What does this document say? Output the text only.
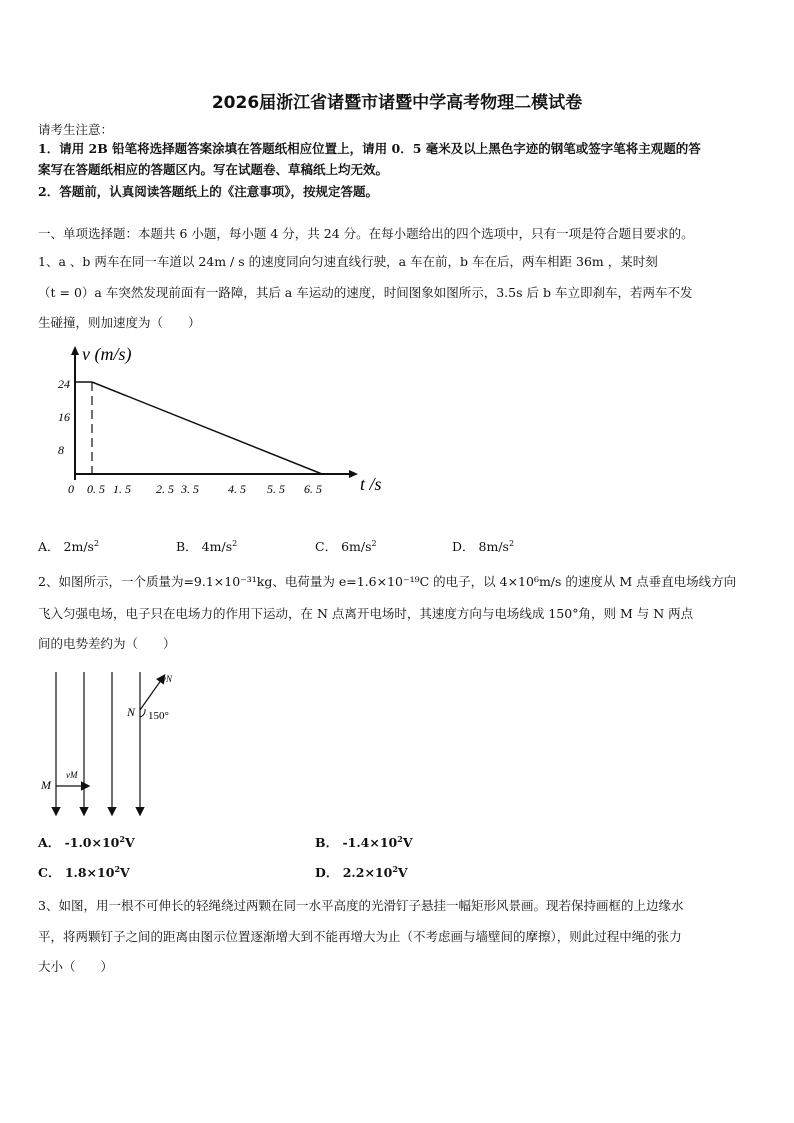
2026届浙江省诸暨市诸暨中学高考物理二模试卷
请考生注意：
1．请用 2B 铅笔将选择题答案涂填在答题纸相应位置上，请用 0．5 毫米及以上黑色字迹的钢笔或签字笔将主观题的答
案写在答题纸相应的答题区内。写在试题卷、草稿纸上均无效。
2．答题前，认真阅读答题纸上的《注意事项》，按规定答题。
一、单项选择题：本题共 6 小题，每小题 4 分，共 24 分。在每小题给出的四个选项中，只有一项是符合题目要求的。
1、a 、b 两车在同一车道以 24m / s 的速度同向匀速直线行驶，a 车在前，b 车在后，两车相距 36m ，某时刻
（t = 0）a 车突然发现前面有一路障，其后 a 车运动的速度，时间图象如图所示，3.5s 后 b 车立即刹车，若两车不发
生碰撞，则加速度为（　　）
v (m/s)
t /s
24
16
8
0 0. 5 1. 5 2. 5 3. 5 4. 5 5. 5 6. 5
A． $2m/s^2$	B． $4m/s^2$	C． $6m/s^2$	D． $8m/s^2$
2、如图所示，一个质量为=9.1×10⁻³¹kg、电荷量为 e=1.6×10⁻¹⁹C 的电子，以 4×10⁶m/s 的速度从 M 点垂直电场线方向
飞入匀强电场，电子只在电场力的作用下运动，在 N 点离开电场时，其速度方向与电场线成 150°角，则 M 与 N 两点
间的电势差约为（　　）
M
vM
N
vN
150°
A． $-1.0\times 10^2V$	B． $-1.4\times 10^2V$
C． $1.8\times 10^2V$	D． $2.2\times 10^2V$
3、如图，用一根不可伸长的轻绳绕过两颗在同一水平高度的光滑钉子悬挂一幅矩形风景画。现若保持画框的上边缘水
平，将两颗钉子之间的距离由图示位置逐渐增大到不能再增大为止（不考虑画与墙壁间的摩擦），则此过程中绳的张力
大小（　　）
